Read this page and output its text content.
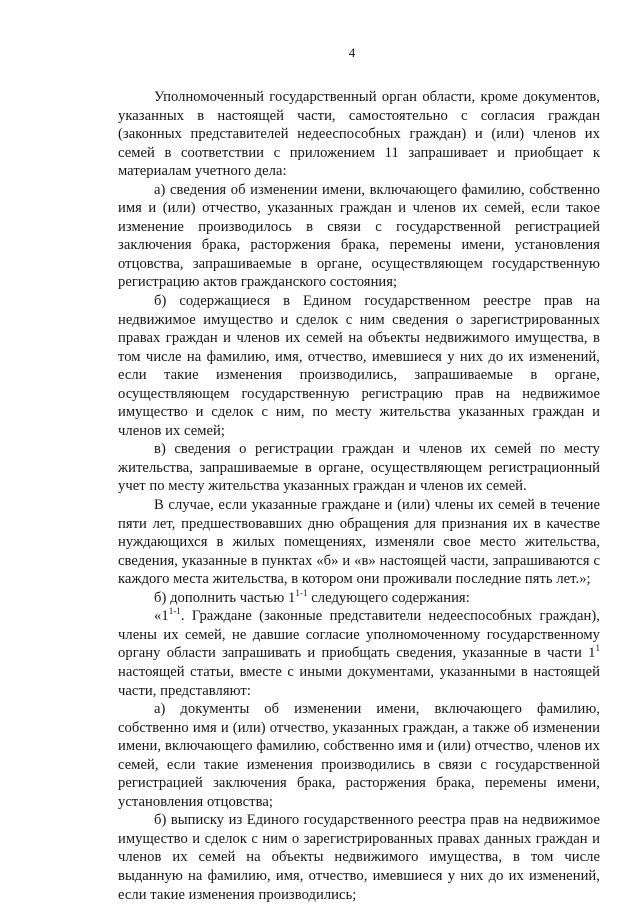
4

Уполномоченный государственный орган области, кроме документов, указанных в настоящей части, самостоятельно с согласия граждан (законных представителей недееспособных граждан) и (или) членов их семей в соответствии с приложением 11 запрашивает и приобщает к материалам учетного дела:

а) сведения об изменении имени, включающего фамилию, собственно имя и (или) отчество, указанных граждан и членов их семей, если такое изменение производилось в связи с государственной регистрацией заключения брака, расторжения брака, перемены имени, установления отцовства, запрашиваемые в органе, осуществляющем государственную регистрацию актов гражданского состояния;

б) содержащиеся в Едином государственном реестре прав на недвижимое имущество и сделок с ним сведения о зарегистрированных правах граждан и членов их семей на объекты недвижимого имущества, в том числе на фамилию, имя, отчество, имевшиеся у них до их изменений, если такие изменения производились, запрашиваемые в органе, осуществляющем государственную регистрацию прав на недвижимое имущество и сделок с ним, по месту жительства указанных граждан и членов их семей;

в) сведения о регистрации граждан и членов их семей по месту жительства, запрашиваемые в органе, осуществляющем регистрационный учет по месту жительства указанных граждан и членов их семей.

В случае, если указанные граждане и (или) члены их семей в течение пяти лет, предшествовавших дню обращения для признания их в качестве нуждающихся в жилых помещениях, изменяли свое место жительства, сведения, указанные в пунктах «б» и «в» настоящей части, запрашиваются с каждого места жительства, в котором они проживали последние пять лет.»;

б) дополнить частью 1$^{1-1}$ следующего содержания:

«1$^{1-1}$. Граждане (законные представители недееспособных граждан), члены их семей, не давшие согласие уполномоченному государственному органу области запрашивать и приобщать сведения, указанные в части $1^1$ настоящей статьи, вместе с иными документами, указанными в настоящей части, представляют:

а) документы об изменении имени, включающего фамилию, собственно имя и (или) отчество, указанных граждан, а также об изменении имени, включающего фамилию, собственно имя и (или) отчество, членов их семей, если такие изменения производились в связи с государственной регистрацией заключения брака, расторжения брака, перемены имени, установления отцовства;

б) выписку из Единого государственного реестра прав на недвижимое имущество и сделок с ним о зарегистрированных правах данных граждан и членов их семей на объекты недвижимого имущества, в том числе выданную на фамилию, имя, отчество, имевшиеся у них до их изменений, если такие изменения производились;
